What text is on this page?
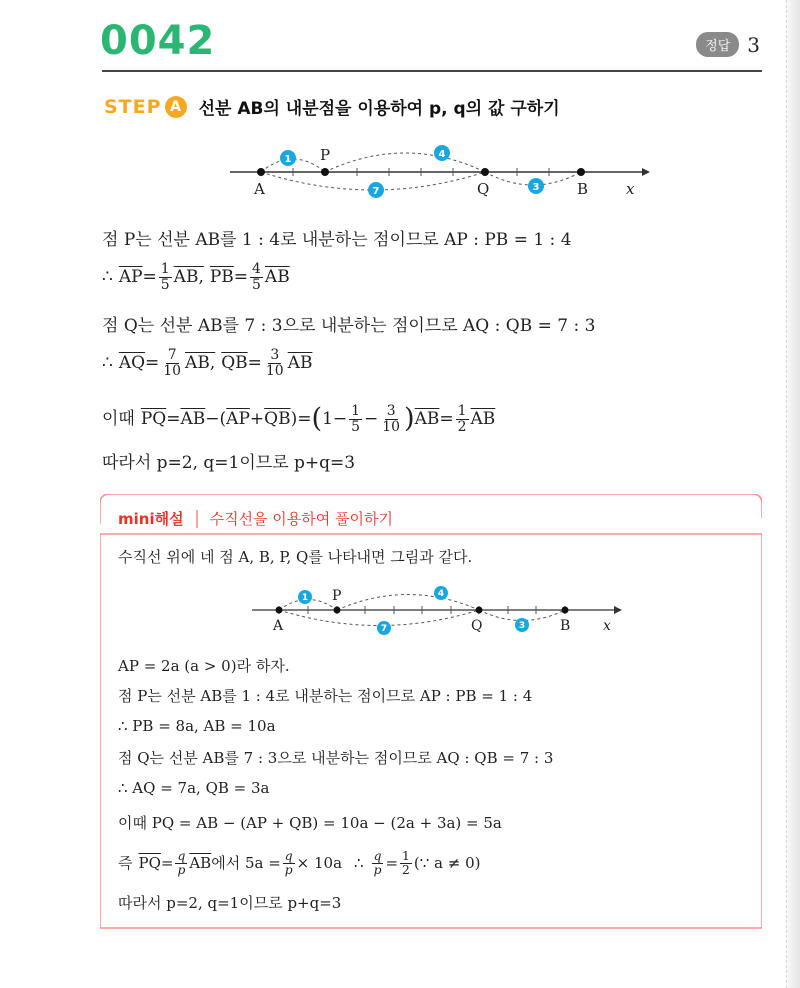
0042	정답 3
STEP A	선분 AB의 내분점을 이용하여 p, q의 값 구하기
A
P
Q	B	x
1	4
7	3
점 P는 선분 AB를 1 : 4로 내분하는 점이므로 AP : PB = 1 : 4
∴ $\overline{AP} = \frac{1}{5}$ AB, $\overline{PB} = \frac{4}{5} \overline{AB}$
점 Q는 선분 AB를 7 : 3으로 내분하는 점이므로 AQ : QB = 7 : 3
∴ $\overline{AQ} = \frac{7}{10}$ AB, $\overline{QB} = \frac{3}{10} \overline{AB}$
이때 $\overline{PQ} = \overline{AB}$ −( $\overline{AP} + \overline{QB}$ )= ( $1- \frac{1}{5} - \frac{3}{10}$ ) $\overline{AB} = \frac{1}{2} \overline{AB}$
따라서 p=2, q=1이므로 p+q=3
mini해설 수직선을 이용하여 풀이하기
수직선 위에 네 점 A, B, P, Q를 나타내면 그림과 같다.
A
P
Q	B x
1	4
7	3
AP = 2a (a > 0)라 하자.
점 P는 선분 AB를 1 : 4로 내분하는 점이므로 AP : PB = 1 : 4
∴ PB = 8a, AB = 10a
점 Q는 선분 AB를 7 : 3으로 내분하는 점이므로 AQ : QB = 7 : 3
∴ AQ = 7a, QB = 3a
이때 PQ = AB − (AP + QB) = 10a − (2a + 3a) = 5a
즉 $\overline{PQ} = \frac{q}{p} \overline{AB}$ 에서 $5a = \frac{q}{p} \times 10a$ ∴ $\frac{q}{p} = \frac{1}{2}$ (∵ a ≠ 0)
따라서 p=2, q=1이므로 p+q=3
